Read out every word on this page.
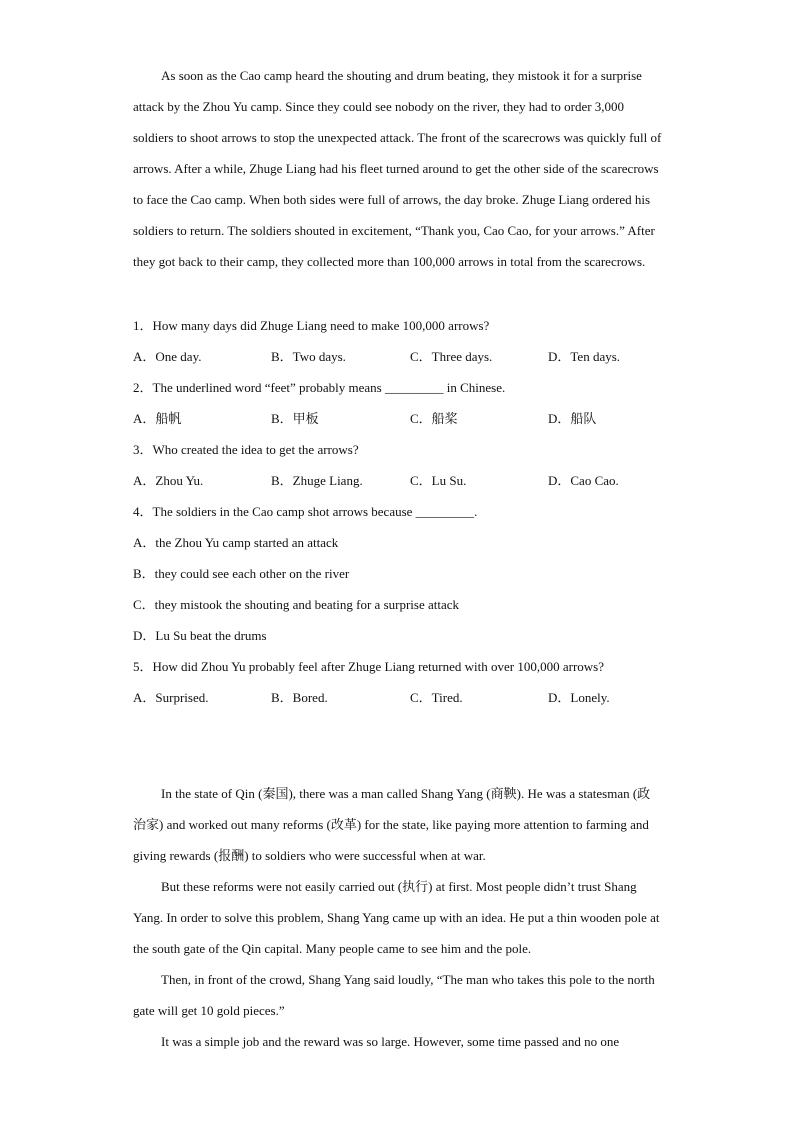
As soon as the Cao camp heard the shouting and drum beating, they mistook it for a surprise attack by the Zhou Yu camp. Since they could see nobody on the river, they had to order 3,000 soldiers to shoot arrows to stop the unexpected attack. The front of the scarecrows was quickly full of arrows. After a while, Zhuge Liang had his fleet turned around to get the other side of the scarecrows to face the Cao camp. When both sides were full of arrows, the day broke. Zhuge Liang ordered his soldiers to return. The soldiers shouted in excitement, “Thank you, Cao Cao, for your arrows.” After they got back to their camp, they collected more than 100,000 arrows in total from the scarecrows.

1．How many days did Zhuge Liang need to make 100,000 arrows?
A．One day.	B．Two days.	C．Three days.	D．Ten days.
2．The underlined word “feet” probably means _________ in Chinese.
A．船帆	B．甲板	C．船桨	D．船队
3．Who created the idea to get the arrows?
A．Zhou Yu.	B．Zhuge Liang.	C．Lu Su.	D．Cao Cao.
4．The soldiers in the Cao camp shot arrows because _________.
A．the Zhou Yu camp started an attack
B．they could see each other on the river
C．they mistook the shouting and beating for a surprise attack
D．Lu Su beat the drums
5．How did Zhou Yu probably feel after Zhuge Liang returned with over 100,000 arrows?
A．Surprised.	B．Bored.	C．Tired.	D．Lonely.

In the state of Qin (秦国), there was a man called Shang Yang (商鞅). He was a statesman (政治家) and worked out many reforms (改革) for the state, like paying more attention to farming and giving rewards (报酬) to soldiers who were successful when at war.

But these reforms were not easily carried out (执行) at first. Most people didn’t trust Shang Yang. In order to solve this problem, Shang Yang came up with an idea. He put a thin wooden pole at the south gate of the Qin capital. Many people came to see him and the pole.

Then, in front of the crowd, Shang Yang said loudly, “The man who takes this pole to the north gate will get 10 gold pieces.”

It was a simple job and the reward was so large. However, some time passed and no one
